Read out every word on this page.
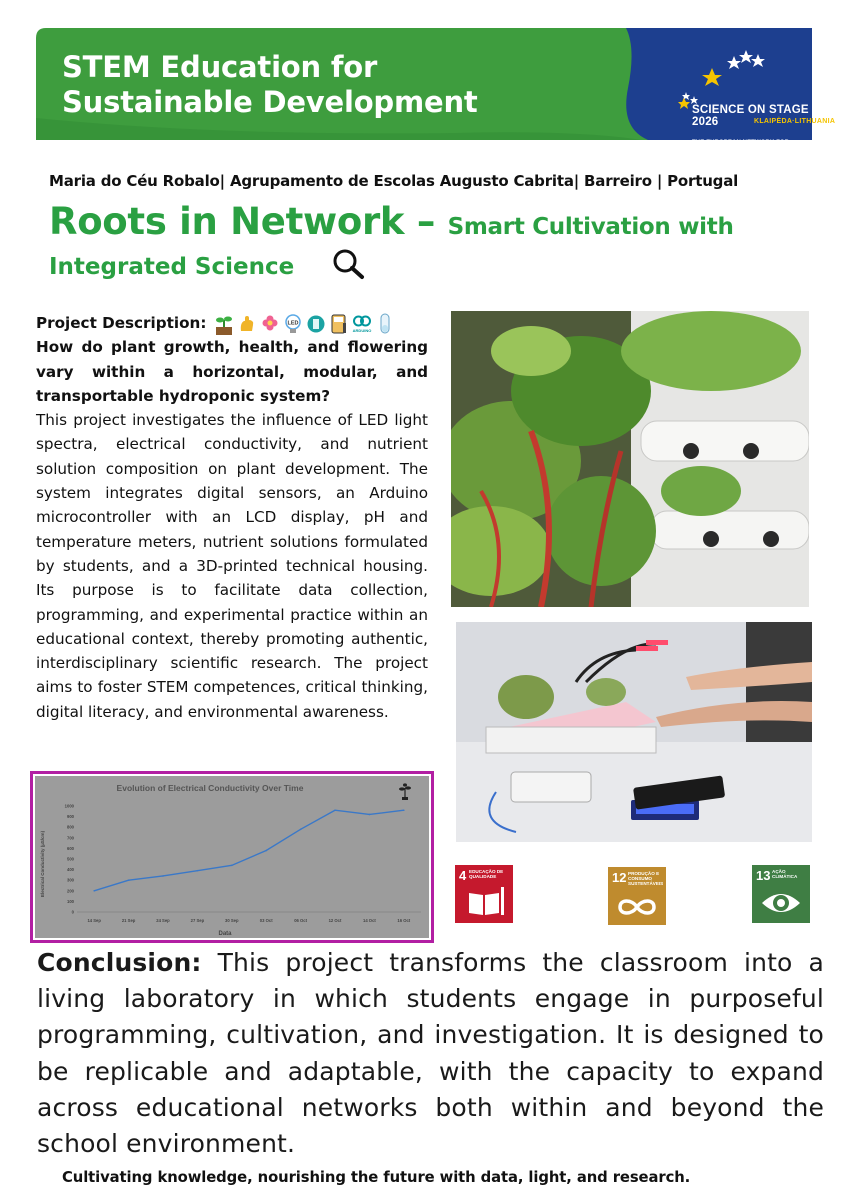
STEM Education for
Sustainable Development	SCIENCE ON STAGE 2026	KLAIPĖDA·LITHUANIA
THE EUROPEAN NETWORK FOR SCIENCE TEACHERS
Maria do Céu Robalo| Agrupamento de Escolas Augusto Cabrita| Barreiro | Portugal
Roots in Network – Smart Cultivation with
Integrated Science
Project Description:	LED
ARDUINO
How do plant growth, health, and flowering vary within a horizontal, modular, and transportable hydroponic system?
This project investigates the influence of LED light spectra, electrical conductivity, and nutrient solution composition on plant development. The system integrates digital sensors, an Arduino microcontroller with an LCD display, pH and temperature meters, nutrient solutions formulated by students, and a 3D-printed technical housing. Its purpose is to facilitate data collection, programming, and experimental practice within an educational context, thereby promoting authentic, interdisciplinary scientific research. The project aims to foster STEM competences, critical thinking, digital literacy, and environmental awareness.
Evolution of Electrical Conductivity Over Time
Data
Electrical Conductivity (µS/cm)
0
100
200
300
400
500
600
700
800
900
1000
14 Sep	21 Sep	24 Sep	27 Sep	30 Sep	03 Oct	06 Oct	12 Oct	14 Oct	16 Oct
4 EDUCAÇÃO DE QUALIDADE	12 PRODUÇÃO E CONSUMO SUSTENTÁVEIS
13 AÇÃO CLIMÁTICA
Conclusion: This project transforms the classroom into a living laboratory in which students engage in purposeful programming, cultivation, and investigation. It is designed to be replicable and adaptable, with the capacity to expand across educational networks both within and beyond the school environment.
Cultivating knowledge, nourishing the future with data, light, and research.
